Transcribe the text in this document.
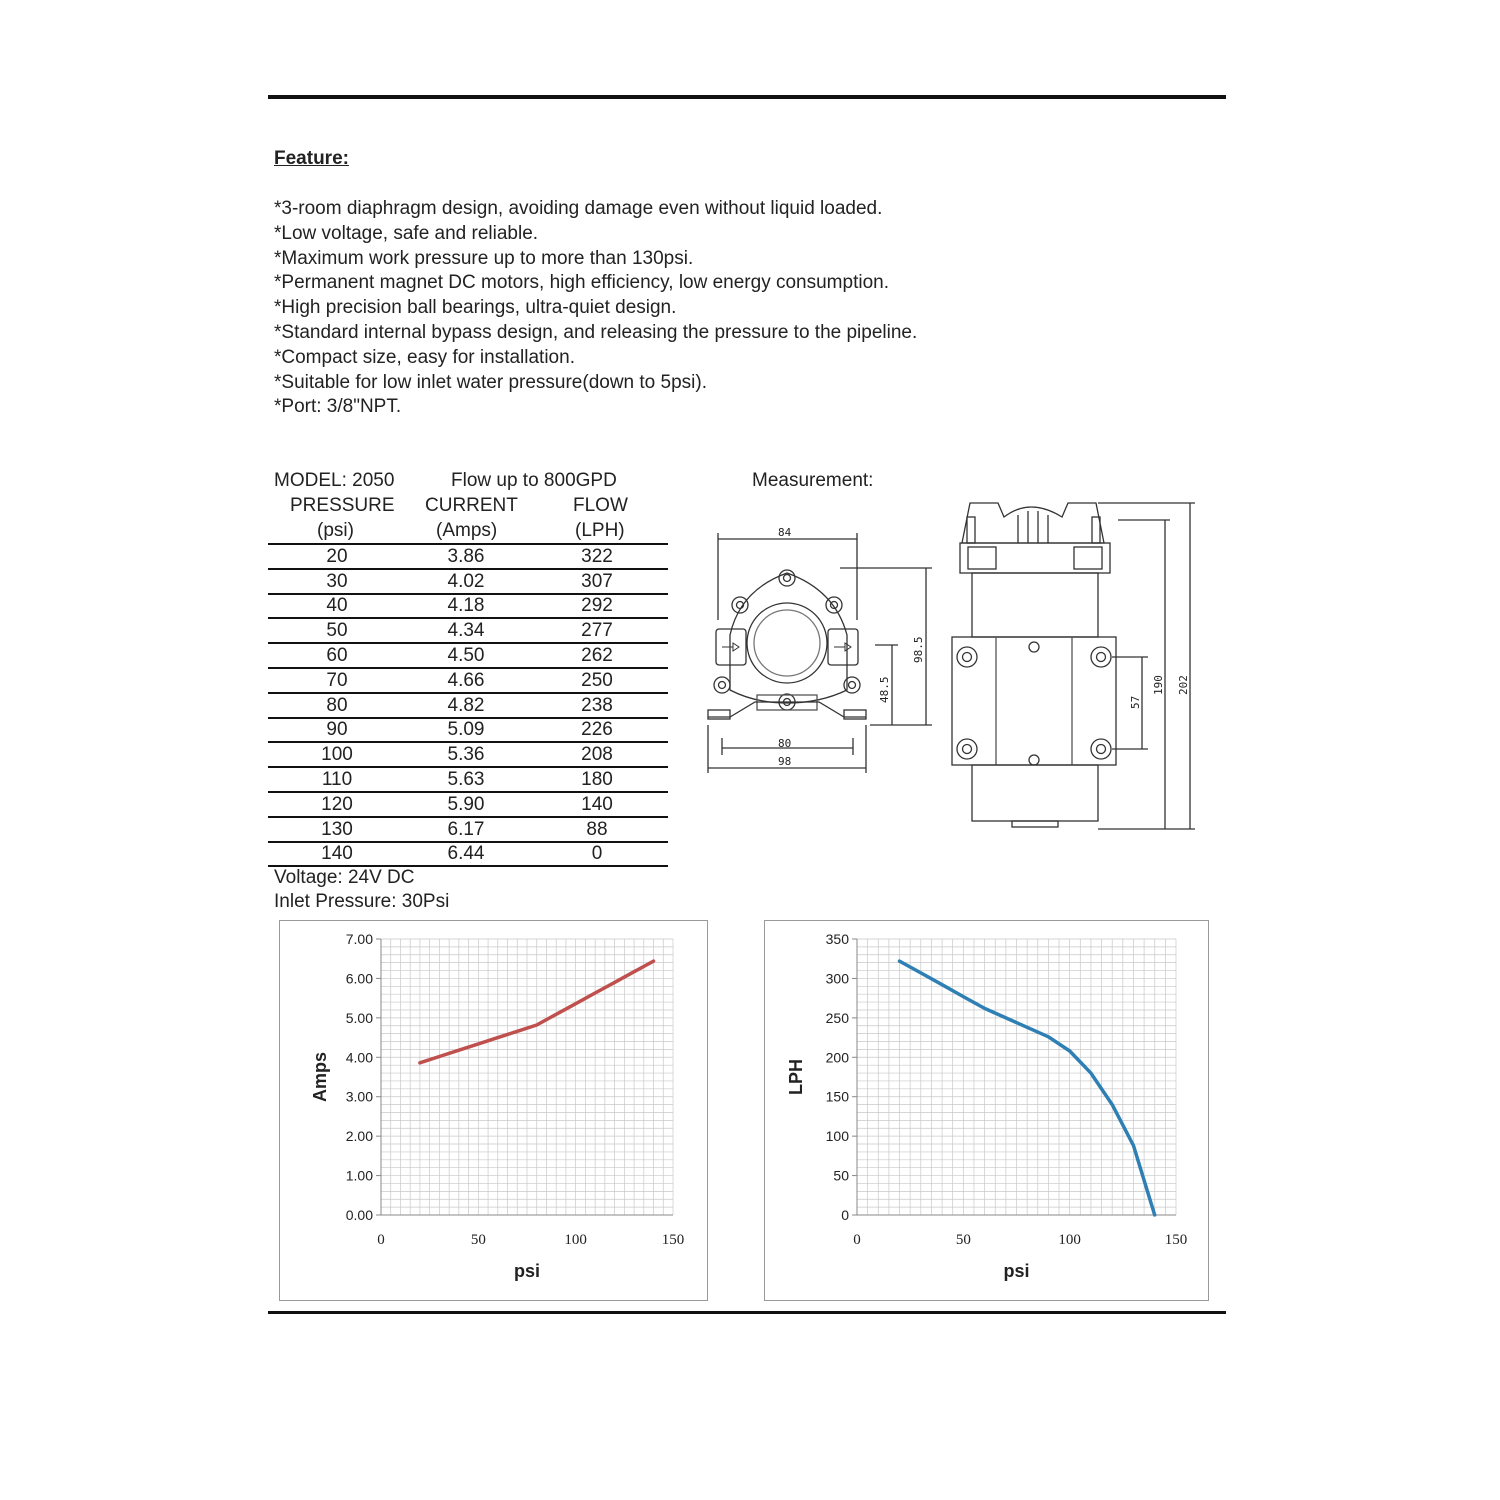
Feature:
*3-room diaphragm design, avoiding damage even without liquid loaded.
*Low voltage, safe and reliable.
*Maximum work pressure up to more than 130psi.
*Permanent magnet DC motors, high efficiency, low energy consumption.
*High precision ball bearings, ultra-quiet design.
*Standard internal bypass design, and releasing the pressure to the pipeline.
*Compact size, easy for installation.
*Suitable for low inlet water pressure(down to 5psi).
*Port: 3/8"NPT.
MODEL: 2050	Flow up to 800GPD
PRESSURE CURRENT	FLOW
(psi)	(Amps)	(LPH)
20	3.86	322
30	4.02	307
40	4.18	292
50	4.34	277
60	4.50	262
70	4.66	250
80	4.82	238
90	5.09	226
100	5.36	208
110	5.63	180
120	5.90	140
130	6.17	88
140	6.44	0
Voltage: 24V DC
Inlet Pressure: 30Psi
Measurement:
84
80
98
48.5
98.5
57
190 202
0.00
1.00
2.00
3.00
4.00
5.00
6.00
7.00
0	50	100	150
psi
Amps
0
50
100
150
200
250
300
350
0	50	100	150
psi
LPH
